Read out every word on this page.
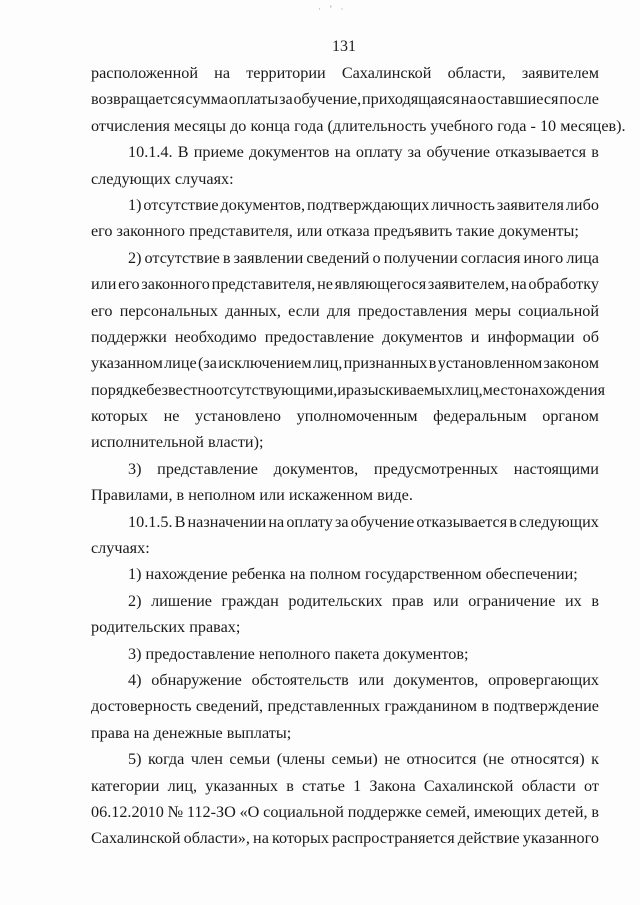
· ʼ ·
131
расположенной на территории Сахалинской области, заявителем
возвращается сумма оплаты за обучение, приходящаяся на оставшиеся после
отчисления месяцы до конца года (длительность учебного года - 10 месяцев).
10.1.4. В приеме документов на оплату за обучение отказывается в
следующих случаях:
1) отсутствие документов, подтверждающих личность заявителя либо
его законного представителя, или отказа предъявить такие документы;
2) отсутствие в заявлении сведений о получении согласия иного лица
или его законного представителя, не являющегося заявителем, на обработку
его персональных данных, если для предоставления меры социальной
поддержки необходимо предоставление документов и информации об
указанном лице (за исключением лиц, признанных в установленном законом
порядке безвестно отсутствующими, и разыскиваемых лиц, место нахождения
которых не установлено уполномоченным федеральным органом
исполнительной власти);
3) представление документов, предусмотренных настоящими
Правилами, в неполном или искаженном виде.
10.1.5. В назначении на оплату за обучение отказывается в следующих
случаях:
1) нахождение ребенка на полном государственном обеспечении;
2) лишение граждан родительских прав или ограничение их в
родительских правах;
3) предоставление неполного пакета документов;
4) обнаружение обстоятельств или документов, опровергающих
достоверность сведений, представленных гражданином в подтверждение
права на денежные выплаты;
5) когда член семьи (члены семьи) не относится (не относятся) к
категории лиц, указанных в статье 1 Закона Сахалинской области от
06.12.2010 № 112-ЗО «О социальной поддержке семей, имеющих детей, в
Сахалинской области», на которых распространяется действие указанного
